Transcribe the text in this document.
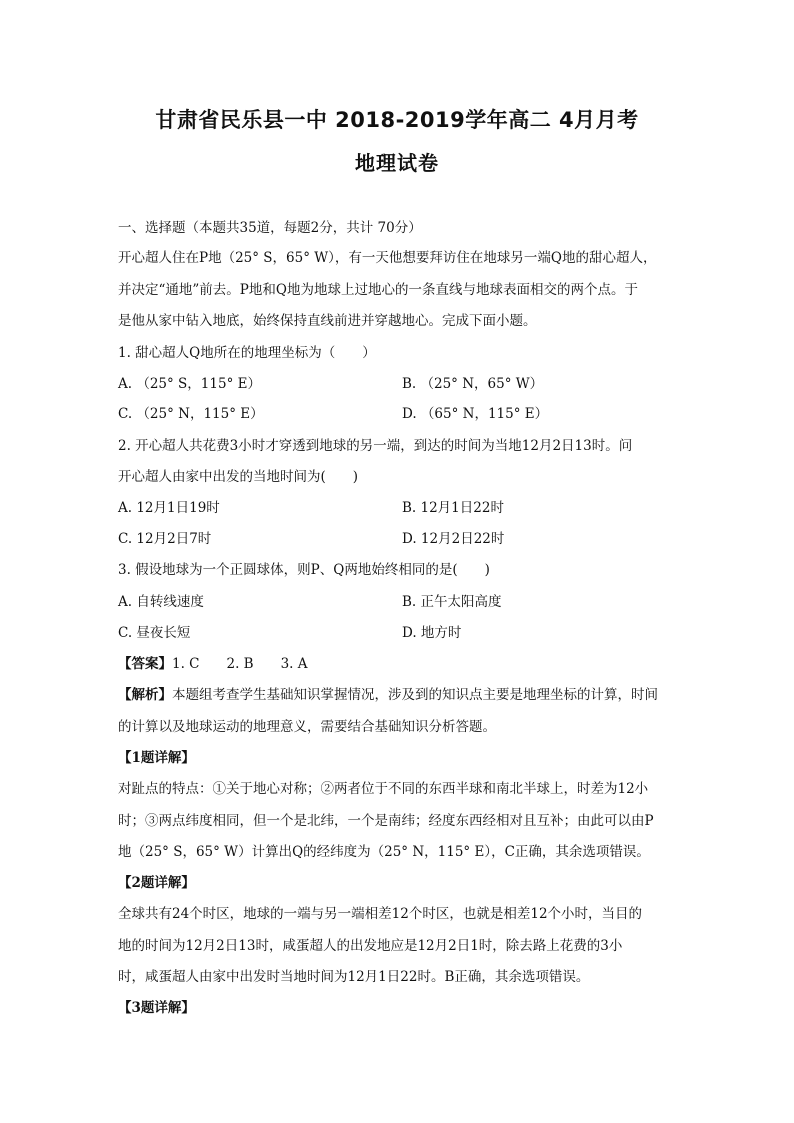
甘肃省民乐县一中 2018-2019学年高二 4月月考
地理试卷
一、选择题（本题共35道，每题2分，共计 70分）
开心超人住在P地（25° S，65° W），有一天他想要拜访住在地球另一端Q地的甜心超人，
并决定“通地”前去。P地和Q地为地球上过地心的一条直线与地球表面相交的两个点。于
是他从家中钻入地底，始终保持直线前进并穿越地心。完成下面小题。
1. 甜心超人Q地所在的地理坐标为（　　）
A. （25° S，115° E）	B. （25° N，65° W）
C. （25° N，115° E）	D. （65° N，115° E）
2. 开心超人共花费3小时才穿透到地球的另一端，到达的时间为当地12月2日13时。问
开心超人由家中出发的当地时间为(　　)
A. 12月1日19时	B. 12月1日22时
C. 12月2日7时	D. 12月2日22时
3. 假设地球为一个正圆球体，则P、Q两地始终相同的是(　　)
A. 自转线速度	B. 正午太阳高度
C. 昼夜长短	D. 地方时
【答案】1. C　　2. B　　3. A
【解析】本题组考查学生基础知识掌握情况，涉及到的知识点主要是地理坐标的计算，时间
的计算以及地球运动的地理意义，需要结合基础知识分析答题。
【1题详解】
对趾点的特点：①关于地心对称；②两者位于不同的东西半球和南北半球上，时差为12小
时；③两点纬度相同，但一个是北纬，一个是南纬；经度东西经相对且互补；由此可以由P
地（25° S，65° W）计算出Q的经纬度为（25° N，115° E），C正确，其余选项错误。
【2题详解】
全球共有24个时区，地球的一端与另一端相差12个时区，也就是相差12个小时，当目的
地的时间为12月2日13时，咸蛋超人的出发地应是12月2日1时，除去路上花费的3小
时，咸蛋超人由家中出发时当地时间为12月1日22时。B正确，其余选项错误。
【3题详解】
